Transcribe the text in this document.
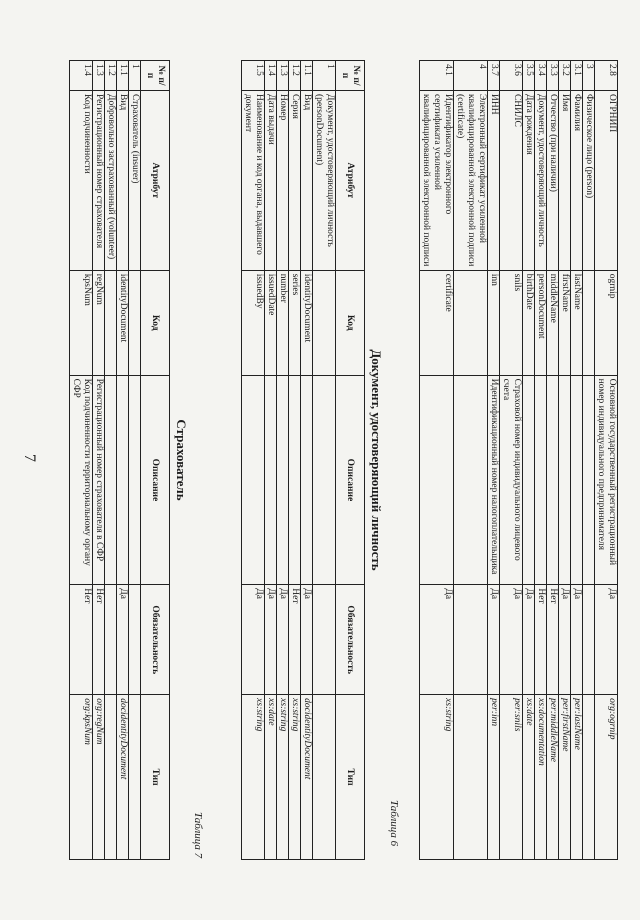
7
2.8	ОГРНИП	ogrnip	Основной государственный регистрационный номер индивидуального предпринимателя	Да	org:ogrnip
3	Физическое лицо (person)				
3.1	Фамилия	lastName		Да	per:lastName
3.2	Имя	firstName		Да	per:firstName
3.3	Отчество (при наличии)	middleName		Нет	per:middleName
3.4	Документ, удостоверяющий личность	personDocument		Нет	xs:documentation
3.5	Дата рождения	birthDate		Да	xs:date
3.6	СНИЛС	snils	Страховой номер индивидуального лицевого счета	Да	per:snils
3.7	ИНН	inn	Идентификационный номер налогоплательщика	Да	per:inn
4	Электронный сертификат усиленной квалифицированной электронной подписи (certificate)				
4.1	Идентификатор электронного сертификата усиленной квалифицированной электронной подписи	certificate		Да	xs:string
Таблица 6
Документ, удостоверяющий личность
№ п/п	Атрибут	Код	Описание	Обязательность	Тип
1	Документ, удостоверяющий личность (personDocument)				
1.1	Вид	identityDocument		Да	docidentityDocument
1.2	Серия	series		Нет	xs:string
1.3	Номер	number		Да	xs:string
1.4	Дата выдачи	issuedDate		Да	xs:date
1.5	Наименование и код органа, выдавшего документ	issuedBy		Да	xs:string
Таблица 7
Страхователь
№ п/п	Атрибут	Код	Описание	Обязательность	Тип
1	Страхователь (insurer)				
1.1	Вид	identityDocument		Да	docidentityDocument
1.2	Добровольно застрахованный (volunteer)				
1.3	Регистрационный номер страхователя	regNum	Регистрационный номер страхователя в СФР	Нет	org:regNum
1.4	Код подчиненности	kpsNum	Код подчиненности территориальному органу СФР	Нет	org:kpsNum
